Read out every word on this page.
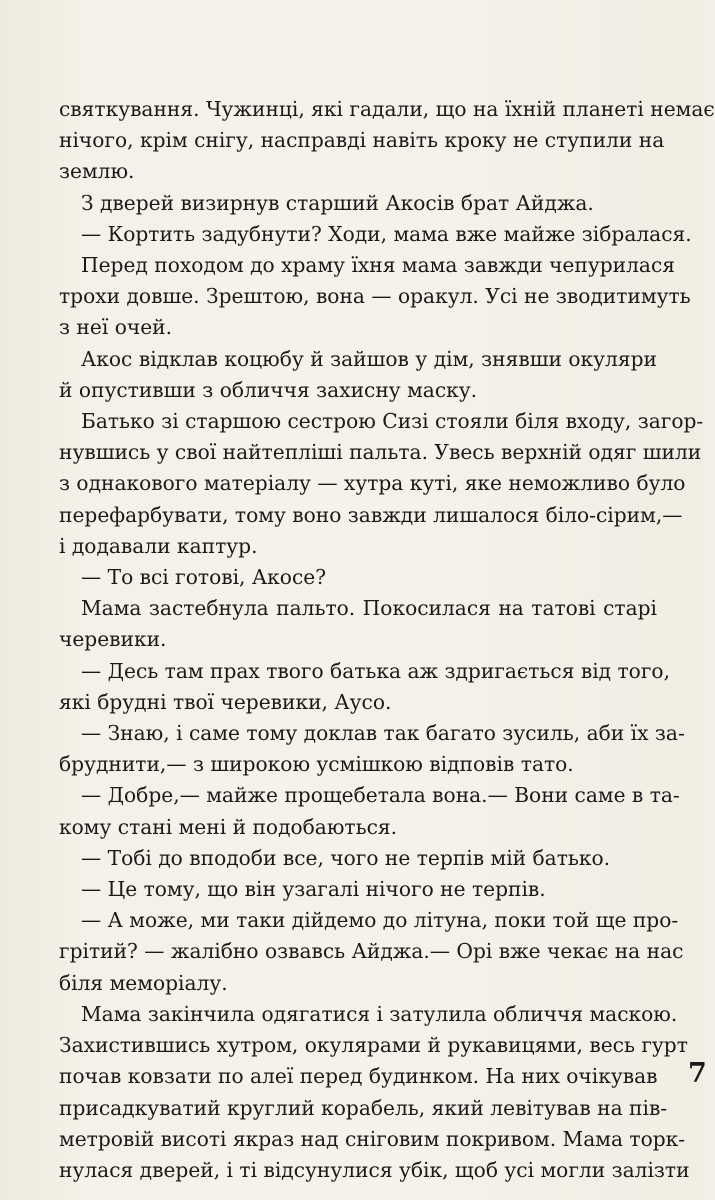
святкування. Чужинці, які гадали, що на їхній планеті немає
нічого, крім снігу, насправді навіть кроку не ступили на
землю.
З дверей визирнув старший Акосів брат Айджа.
— Кортить задубнути? Ходи, мама вже майже зібралася.
Перед походом до храму їхня мама завжди чепурилася
трохи довше. Зрештою, вона — оракул. Усі не зводитимуть
з неї очей.
Акос відклав коцюбу й зайшов у дім, знявши окуляри
й опустивши з обличчя захисну маску.
Батько зі старшою сестрою Сизі стояли біля входу, загор-
нувшись у свої найтепліші пальта. Увесь верхній одяг шили
з однакового матеріалу — хутра куті, яке неможливо було
перефарбувати, тому воно завжди лишалося біло-сірим,—
і додавали каптур.
— То всі готові, Акосе?
Мама застебнула пальто. Покосилася на татові старі
черевики.
— Десь там прах твого батька аж здригається від того,
які брудні твої черевики, Аусо.
— Знаю, і саме тому доклав так багато зусиль, аби їх за-
бруднити,— з широкою усмішкою відповів тато.
— Добре,— майже прощебетала вона.— Вони саме в та-
кому стані мені й подобаються.
— Тобі до вподоби все, чого не терпів мій батько.
— Це тому, що він узагалі нічого не терпів.
— А може, ми таки дійдемо до літуна, поки той ще про-
грітий? — жалібно озвавсь Айджа.— Орі вже чекає на нас
біля меморіалу.
Мама закінчила одягатися і затулила обличчя маскою.
Захистившись хутром, окулярами й рукавицями, весь гурт
почав ковзати по алеї перед будинком. На них очікував
присадкуватий круглий корабель, який левітував на пів-
метровій висоті якраз над сніговим покривом. Мама торк-
нулася дверей, і ті відсунулися убік, щоб усі могли залізти
7
